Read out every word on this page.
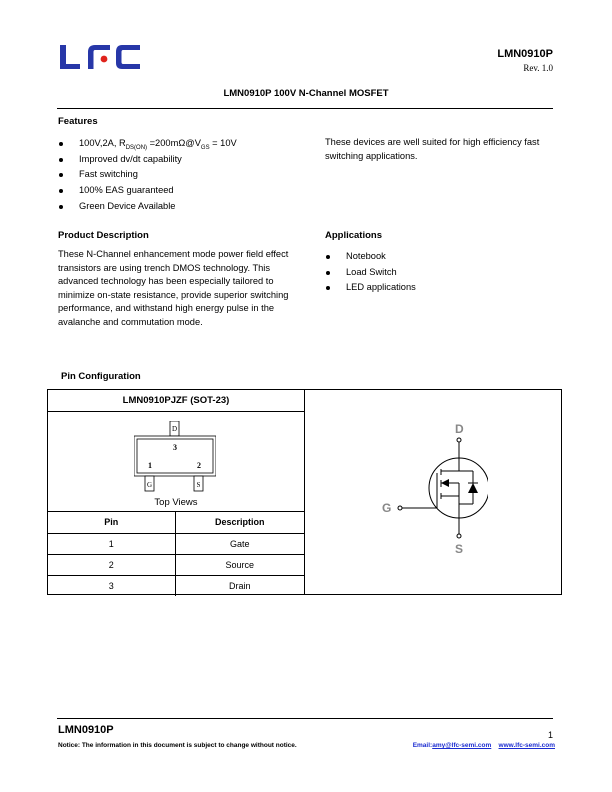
LMN0910P
Rev. 1.0
LMN0910P 100V N-Channel MOSFET
Features
100V,2A, $R_{DS(ON)}$ $=200m\Omega@V_{GS} = 10V$
Improved dv/dt capability
Fast switching
100% EAS guaranteed
Green Device Available
These devices are well suited for high efficiency fast switching applications.
Product Description
These N-Channel enhancement mode power field effect transistors are using trench DMOS technology. This advanced technology has been especially tailored to minimize on-state resistance, provide superior switching performance, and withstand high energy pulse in the avalanche and commutation mode.
Applications
Notebook
Load Switch
LED applications
Pin Configuration
LMN0910PJZF (SOT-23)
D
3
1	2
G	S
Top Views
Pin	Description
1	Gate
2	Source
3	Drain
D
G
S
LMN0910P	1
Notice: The information in this document is subject to change without notice.	Email:amy@lfc-semi.com www.lfc-semi.com
